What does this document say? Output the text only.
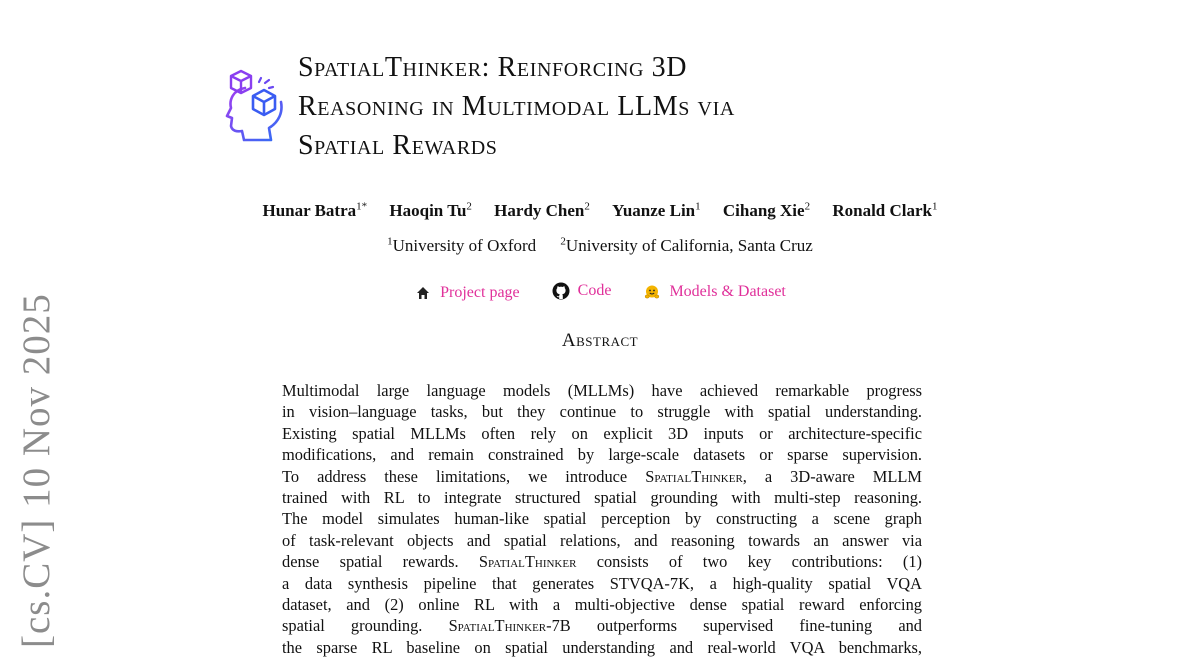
[cs.CV] 10 Nov 2025
SpatialThinker: Reinforcing 3D
Reasoning in Multimodal LLMs via
Spatial Rewards
Hunar Batra$^{1*}$ Haoqin Tu$^2$ Hardy Chen$^2$ Yuanze Lin$^1$ Cihang Xie$^2$ Ronald Clark$^1$
$^1$University of Oxford $^2$University of California, Santa Cruz
Project page
	Code
	Models & Dataset
Abstract
Multimodal large language models (MLLMs) have achieved remarkable progress
in vision–language tasks, but they continue to struggle with spatial understanding.
Existing spatial MLLMs often rely on explicit 3D inputs or architecture-specific
modifications, and remain constrained by large-scale datasets or sparse supervision.
To address these limitations, we introduce SpatialThinker, a 3D-aware MLLM
trained with RL to integrate structured spatial grounding with multi-step reasoning.
The model simulates human-like spatial perception by constructing a scene graph
of task-relevant objects and spatial relations, and reasoning towards an answer via
dense spatial rewards. SpatialThinker consists of two key contributions: (1)
a data synthesis pipeline that generates STVQA-7K, a high-quality spatial VQA
dataset, and (2) online RL with a multi-objective dense spatial reward enforcing
spatial grounding. SpatialThinker-7B outperforms supervised fine-tuning and
the sparse RL baseline on spatial understanding and real-world VQA benchmarks,
